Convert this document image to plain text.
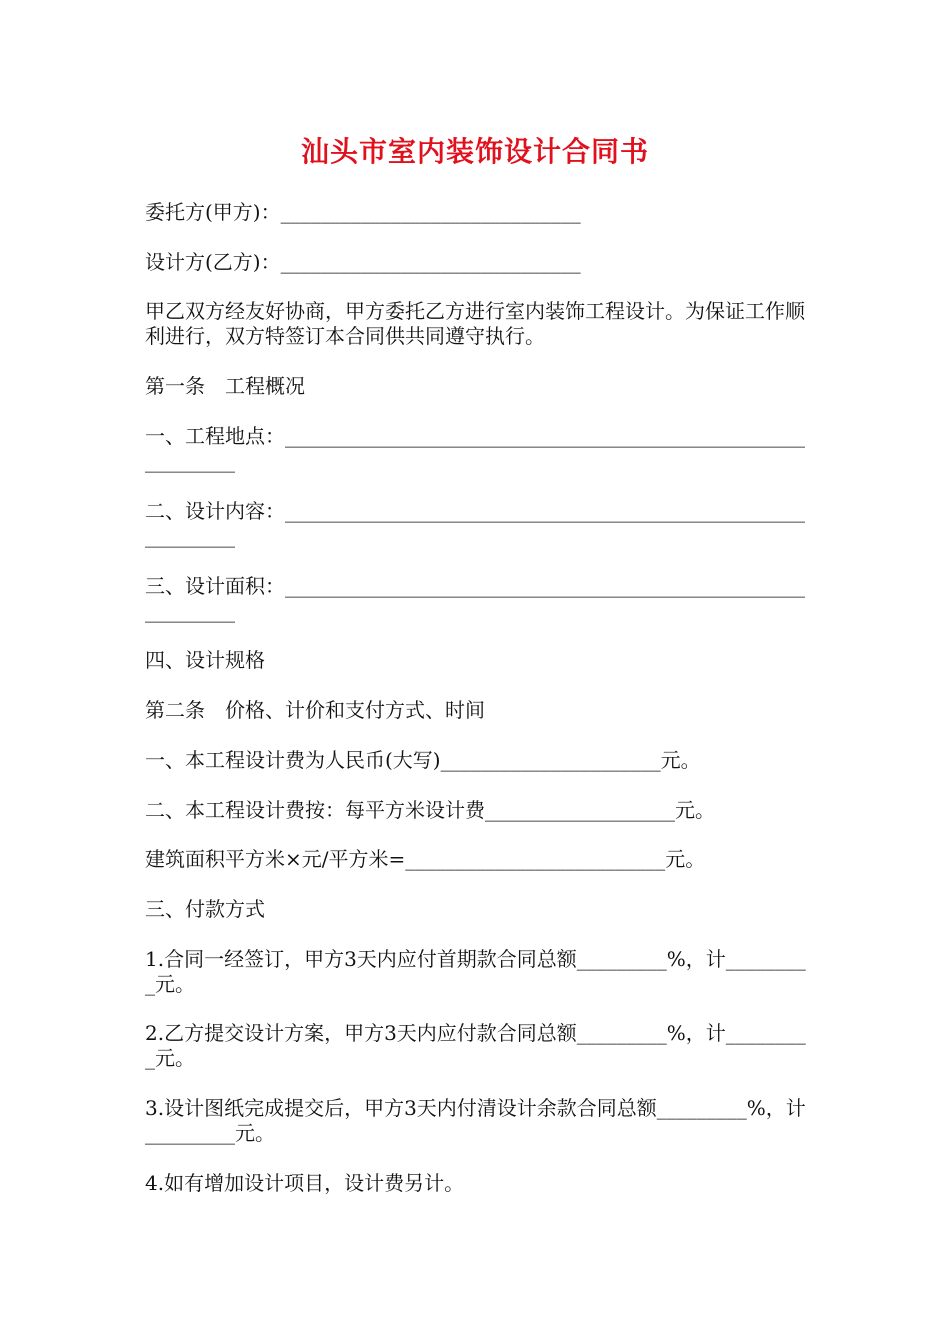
汕头市室内装饰设计合同书

委托方(甲方)：______________________________

设计方(乙方)：______________________________

甲乙双方经友好协商，甲方委托乙方进行室内装饰工程设计。为保证工作顺利进行，双方特签订本合同供共同遵守执行。

第一条　工程概况

一、工程地点：_____________________________________________________________

二、设计内容：_____________________________________________________________

三、设计面积：_____________________________________________________________

四、设计规格

第二条　价格、计价和支付方式、时间

一、本工程设计费为人民币(大写)______________________元。

二、本工程设计费按：每平方米设计费___________________元。

建筑面积平方米×元/平方米=__________________________元。

三、付款方式

1.合同一经签订，甲方3天内应付首期款合同总额_________%，计_________元。

2.乙方提交设计方案，甲方3天内应付款合同总额_________%，计_________元。

3.设计图纸完成提交后，甲方3天内付清设计余款合同总额_________%，计_________元。

4.如有增加设计项目，设计费另计。
